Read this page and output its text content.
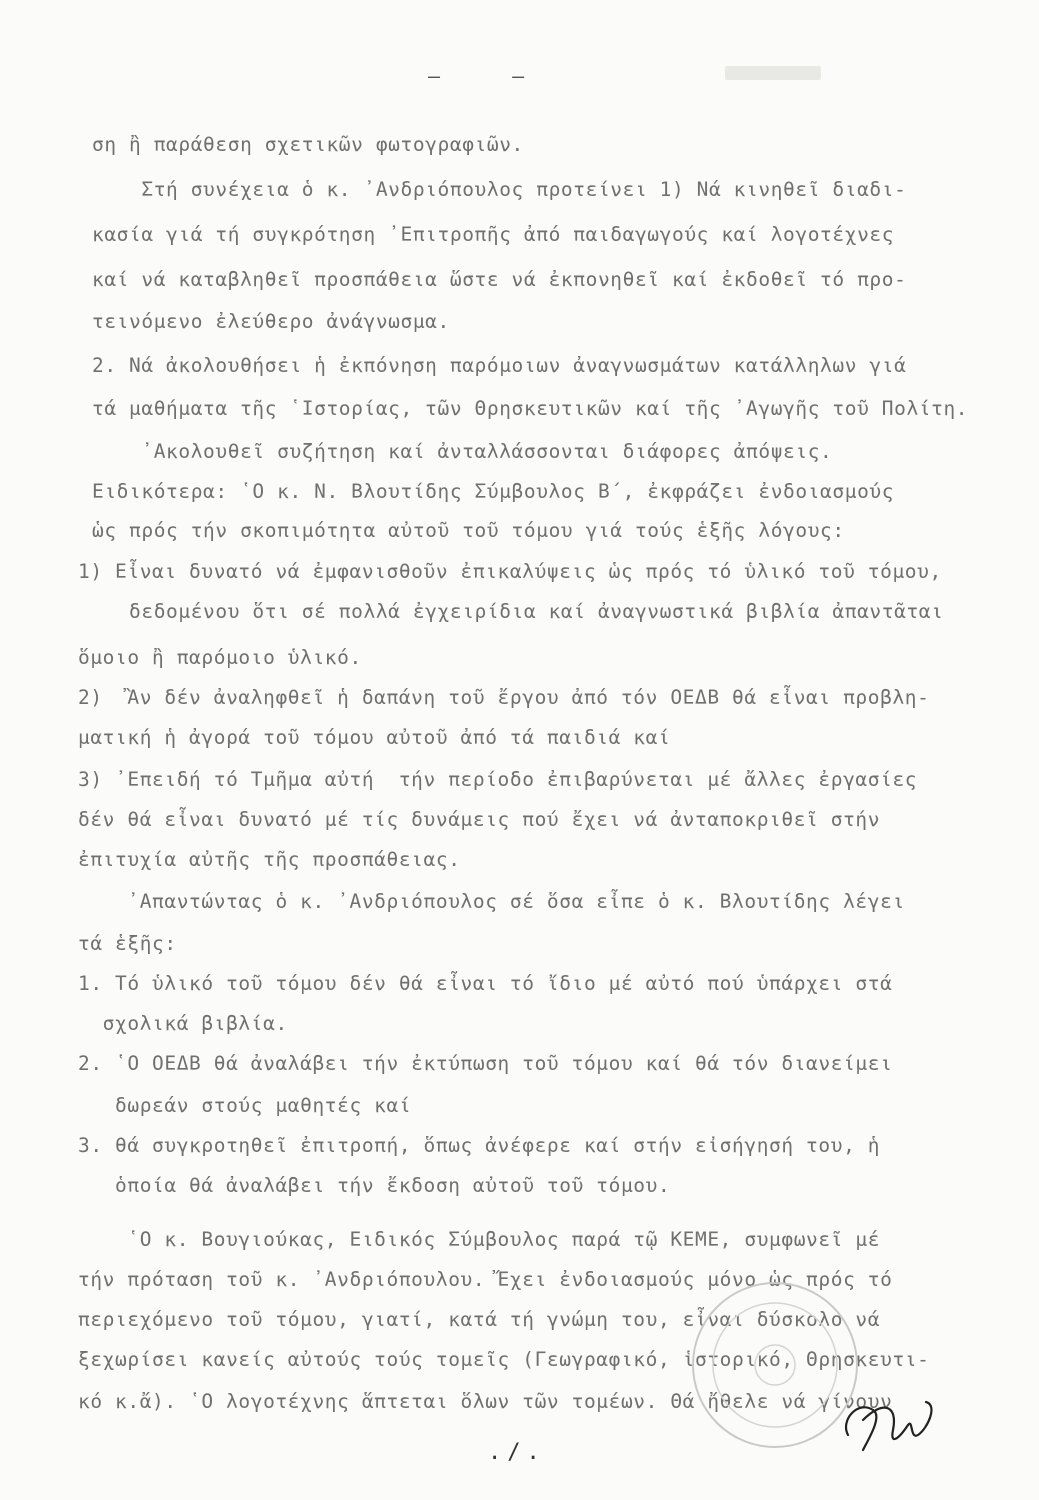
– –
ση ἢ παράθεση σχετικῶν φωτογραφιῶν.
Στή συνέχεια ὁ κ. ᾿Ανδριόπουλος προτείνει 1) Νά κινηθεῖ διαδι-
κασία γιά τή συγκρότηση ᾿Επιτροπῆς ἀπό παιδαγωγούς καί λογοτέχνες
καί νά καταβληθεῖ προσπάθεια ὥστε νά ἐκπονηθεῖ καί ἐκδοθεῖ τό προ-
τεινόμενο ἐλεύθερο ἀνάγνωσμα.
2. Νά ἀκολουθήσει ἡ ἐκπόνηση παρόμοιων ἀναγνωσμάτων κατάλληλων γιά
τά μαθήματα τῆς ῾Ιστορίας, τῶν Θρησκευτικῶν καί τῆς ᾿Αγωγῆς τοῦ Πολίτη.
᾿Ακολουθεῖ συζήτηση καί ἀνταλλάσσονται διάφορες ἀπόψεις.
Ειδικότερα: ῾Ο κ. Ν. Βλουτίδης Σύμβουλος Β΄, ἐκφράζει ἐνδοιασμούς
ὡς πρός τήν σκοπιμότητα αὐτοῦ τοῦ τόμου γιά τούς ἑξῆς λόγους:
1) Εἶναι δυνατό νά ἐμφανισθοῦν ἐπικαλύψεις ὡς πρός τό ὑλικό τοῦ τόμου,
δεδομένου ὅτι σέ πολλά ἐγχειρίδια καί ἀναγνωστικά βιβλία ἀπαντᾶται
ὅμοιο ἢ παρόμοιο ὑλικό.
2)  Ἂν δέν ἀναληφθεῖ ἡ δαπάνη τοῦ ἔργου ἀπό τόν ΟΕΔΒ θά εἶναι προβλη-
ματική ἡ ἀγορά τοῦ τόμου αὐτοῦ ἀπό τά παιδιά καί
3) ᾿Επειδή τό Τμῆμα αὐτή  τήν περίοδο ἐπιβαρύνεται μέ ἄλλες ἐργασίες
δέν θά εἶναι δυνατό μέ τίς δυνάμεις πού ἔχει νά ἀνταποκριθεῖ στήν
ἐπιτυχία αὐτῆς τῆς προσπάθειας.
᾿Απαντώντας ὁ κ. ᾿Ανδριόπουλος σέ ὅσα εἶπε ὁ κ. Βλουτίδης λέγει
τά ἑξῆς:
1. Τό ὑλικό τοῦ τόμου δέν θά εἶναι τό ἴδιο μέ αὐτό πού ὑπάρχει στά
σχολικά βιβλία.
2. ῾Ο ΟΕΔΒ θά ἀναλάβει τήν ἐκτύπωση τοῦ τόμου καί θά τόν διανείμει
δωρεάν στούς μαθητές καί
3. θά συγκροτηθεῖ ἐπιτροπή, ὅπως ἀνέφερε καί στήν εἰσήγησή του, ἡ
ὁποία θά ἀναλάβει τήν ἔκδοση αὐτοῦ τοῦ τόμου.
῾Ο κ. Βουγιούκας, Ειδικός Σύμβουλος παρά τῷ ΚΕΜΕ, συμφωνεῖ μέ
τήν πρόταση τοῦ κ. ᾿Ανδριόπουλου. Ἔχει ἐνδοιασμούς μόνο ὡς πρός τό
περιεχόμενο τοῦ τόμου, γιατί, κατά τή γνώμη του, εἶναι δύσκολο νά
ξεχωρίσει κανείς αὐτούς τούς τομεῖς (Γεωγραφικό, ἱστορικό, Θρησκευτι-
κό κ.ἄ). ῾Ο λογοτέχνης ἅπτεται ὅλων τῶν τομέων. Θά ἤθελε νά γίνουν
./.
